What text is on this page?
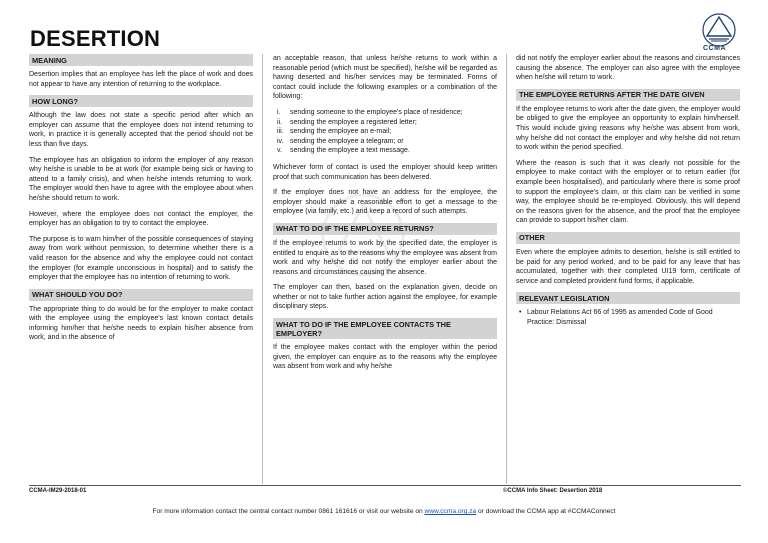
DESERTION	CCMA
MEANING
Desertion implies that an employee has left the place of work and does not appear to have any intention of returning to the workplace.
HOW LONG?
Although the law does not state a specific period after which an employer can assume that the employee does not intend returning to work, in practice it is generally accepted that the period should not be less than five days.
The employee has an obligation to inform the employer of any reason why he/she is unable to be at work (for example being sick or having to attend to a family crisis), and when he/she intends returning to work. The employer would then have to agree with the employee about when he/she should return to work.
However, where the employee does not contact the employer, the employer has an obligation to try to contact the employee.
The purpose is to warn him/her of the possible consequences of staying away from work without permission, to determine whether there is a valid reason for the absence and why the employee could not contact the employer (for example unconscious in hospital) and to satisfy the employer that the employee has no intention of returning to work.
WHAT SHOULD YOU DO?
The appropriate thing to do would be for the employer to make contact with the employee using the employee's last known contact details informing him/her that he/she needs to explain his/her absence from work, and in the absence of
an acceptable reason, that unless he/she returns to work within a reasonable period (which must be specified), he/she will be regarded as having deserted and his/her services may be terminated. Forms of contact could include the following examples or a combination of the following:
i.	sending someone to the employee's place of residence;
ii.	sending the employee a registered letter;
iii. sending the employee an e-mail;
iv. sending the employee a telegram; or
v.	sending the employee a text message.
Whichever form of contact is used the employer should keep written proof that such communication has been delivered.
If the employer does not have an address for the employee, the employer should make a reasonable effort to get a message to the employee (via family, etc.) and keep a record of such attempts.
WHAT TO DO IF THE EMPLOYEE RETURNS?
If the employee returns to work by the specified date, the employer is entitled to enquire as to the reasons why the employee was absent from work and why he/she did not notify the employer earlier about the reasons and circumstances causing the absence.
The employer can then, based on the explanation given, decide on whether or not to take further action against the employee, for example disciplinary steps.
WHAT TO DO IF THE EMPLOYEE CONTACTS THE EMPLOYER?
If the employee makes contact with the employer within the period given, the employer can enquire as to the reasons why the employee was absent from work and why he/she
did not notify the employer earlier about the reasons and circumstances causing the absence. The employer can also agree with the employee when he/she will return to work.
THE EMPLOYEE RETURNS AFTER THE DATE GIVEN
If the employee returns to work after the date given, the employer would be obliged to give the employee an opportunity to explain him/herself. This would include giving reasons why he/she was absent from work, why he/she did not contact the employer and why he/she did not return to work within the period specified.
Where the reason is such that it was clearly not possible for the employee to make contact with the employer or to return earlier (for example been hospitalised), and particularly where there is some proof to support the employee's claim, or this claim can be verified in some way, the employee should be re-employed. Obviously, this will depend on the reasons given for the absence, and the proof that the employee can provide to support his/her claim.
OTHER
Even where the employee admits to desertion, he/she is still entitled to be paid for any period worked, and to be paid for any leave that has accumulated, together with their completed UI19 form, certificate of service and completed provident fund forms, if applicable.
RELEVANT LEGISLATION
• Labour Relations Act 66 of 1995 as amended Code of Good Practice: Dismissal
CCMA-IM29-2018-01	©CCMA Info Sheet: Desertion 2018
For more information contact the central contact number 0861 161616 or visit our website on www.ccma.org.za or download the CCMA app at #CCMAConnect
